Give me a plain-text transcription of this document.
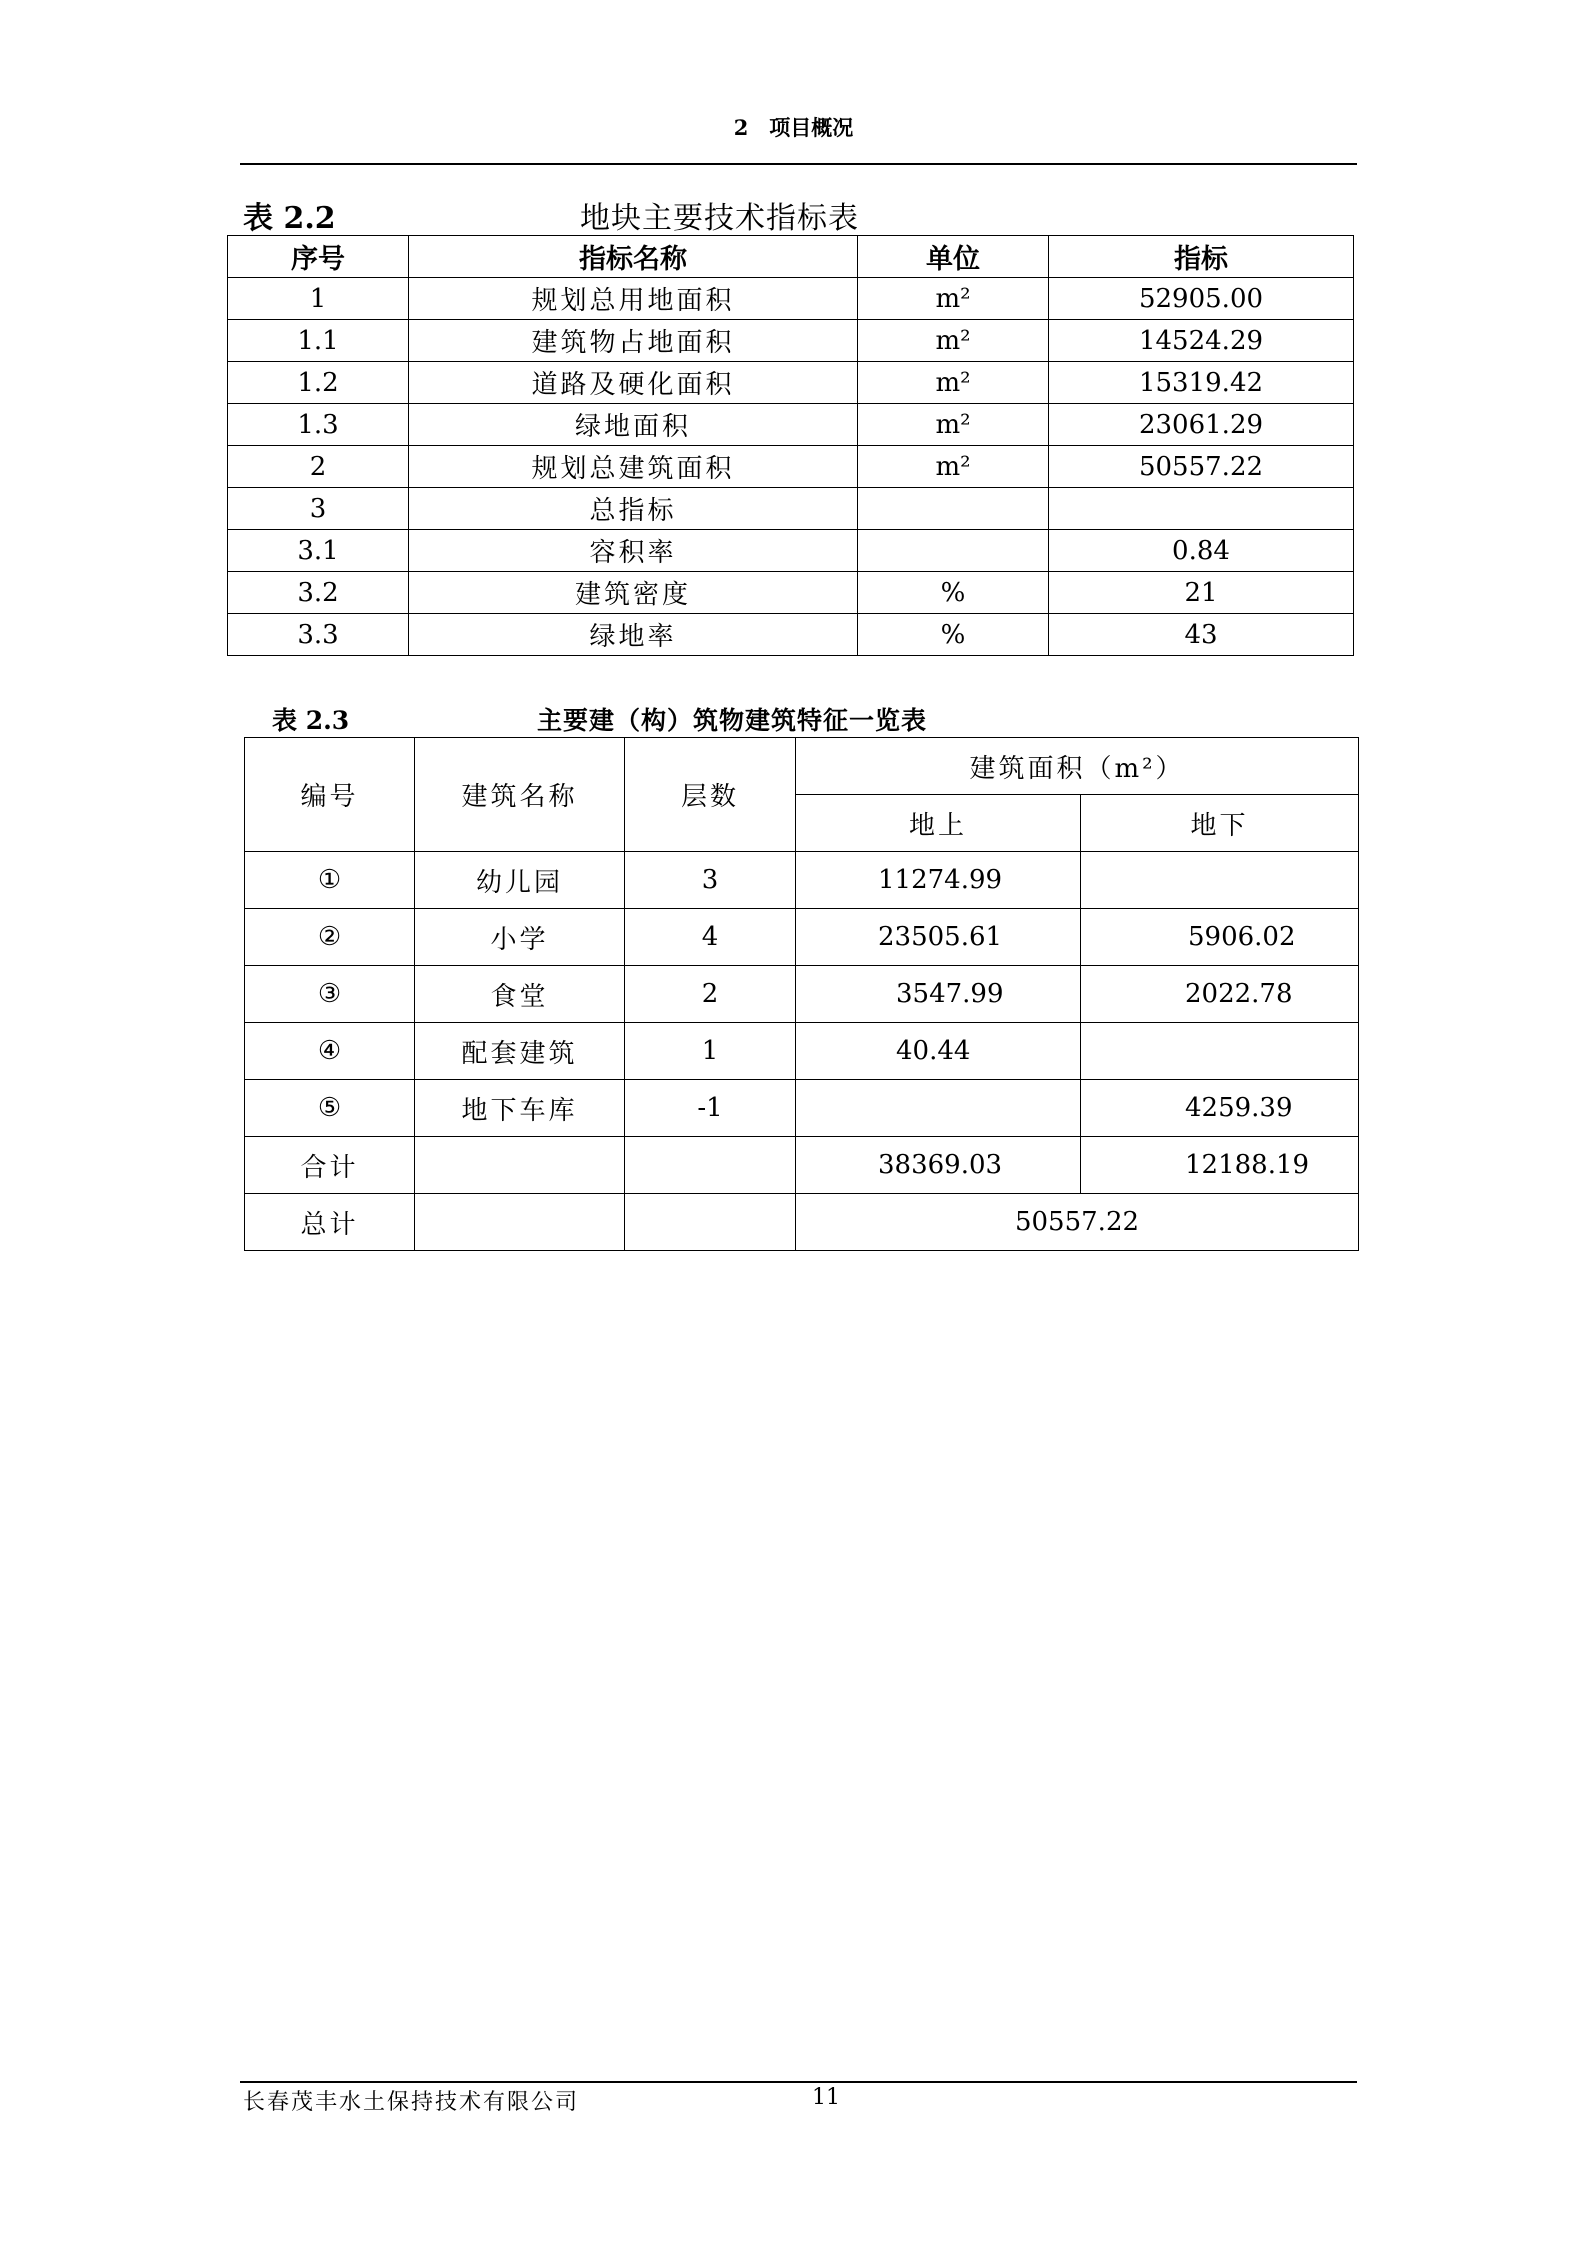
2　项目概况
表 2.2	地块主要技术指标表
序号	指标名称	单位	指标
1	规划总用地面积	m²	52905.00
1.1	建筑物占地面积	m²	14524.29
1.2	道路及硬化面积	m²	15319.42
1.3	绿地面积	m²	23061.29
2	规划总建筑面积	m²	50557.22
3	总指标		
3.1	容积率		0.84
3.2	建筑密度	%	21
3.3	绿地率	%	43
表 2.3	主要建（构）筑物建筑特征一览表
编号	建筑名称	层数	建筑面积（m²）	
			地上	地下
①	幼儿园	3	11274.99	
②	小学	4	23505.61	5906.02
③	食堂	2	3547.99	2022.78
④	配套建筑	1	40.44	
⑤	地下车库	-1		4259.39
合计			38369.03	12188.19
总计			50557.22	
长春茂丰水土保持技术有限公司	11
